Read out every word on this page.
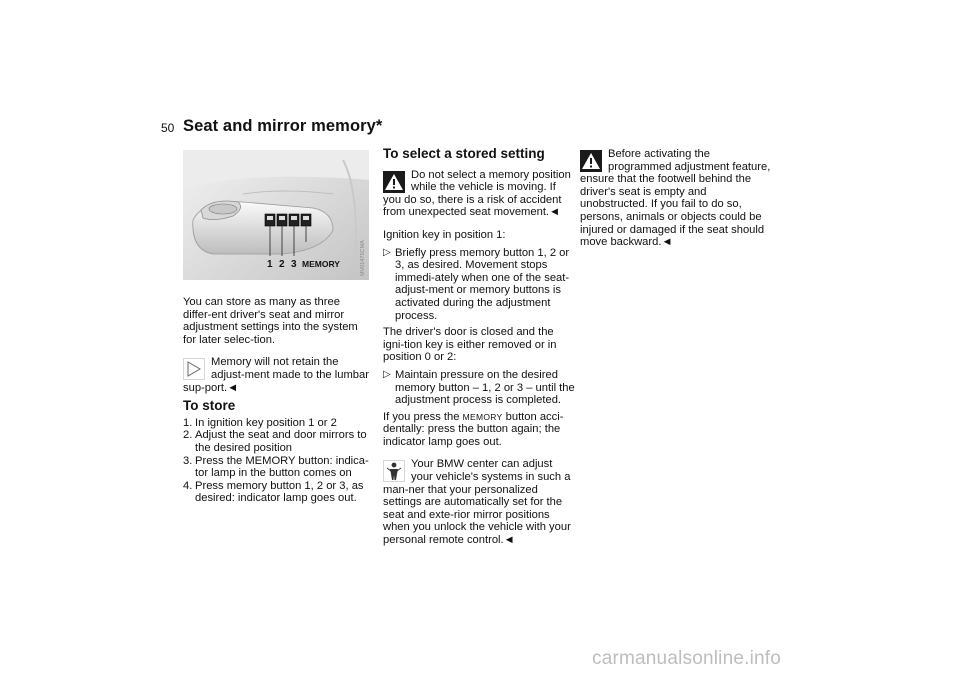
50 Seat and mirror memory*
1 2 3 MEMORY	MV01475CMA

You can store as many as three differ-ent driver's seat and mirror adjustment settings into the system for later selec-tion.

Memory will not retain the adjust-ment made to the lumbar sup-port.◄
To store
1. In ignition key position 1 or 2
2. Adjust the seat and door mirrors to the desired position
3. Press the MEMORY button: indica-tor lamp in the button comes on
4. Press memory button 1, 2 or 3, as desired: indicator lamp goes out.
To select a stored setting
Do not select a memory position while the vehicle is moving. If you do so, there is a risk of accident from unexpected seat movement.◄

Ignition key in position 1:

▷ Briefly press memory button 1, 2 or 3, as desired. Movement stops immedi-ately when one of the seat-adjust-ment or memory buttons is activated during the adjustment process.

The driver's door is closed and the igni-tion key is either removed or in position 0 or 2:

▷ Maintain pressure on the desired memory button – 1, 2 or 3 – until the adjustment process is completed.

If you press the MEMORY button acci-dentally: press the button again; the indicator lamp goes out.

Your BMW center can adjust your vehicle's systems in such a man-ner that your personalized settings are automatically set for the seat and exte-rior mirror positions when you unlock the vehicle with your personal remote control.◄
Before activating the programmed adjustment feature, ensure that the footwell behind the driver's seat is empty and unobstructed. If you fail to do so, persons, animals or objects could be injured or damaged if the seat should move backward.◄
carmanualsonline.info
